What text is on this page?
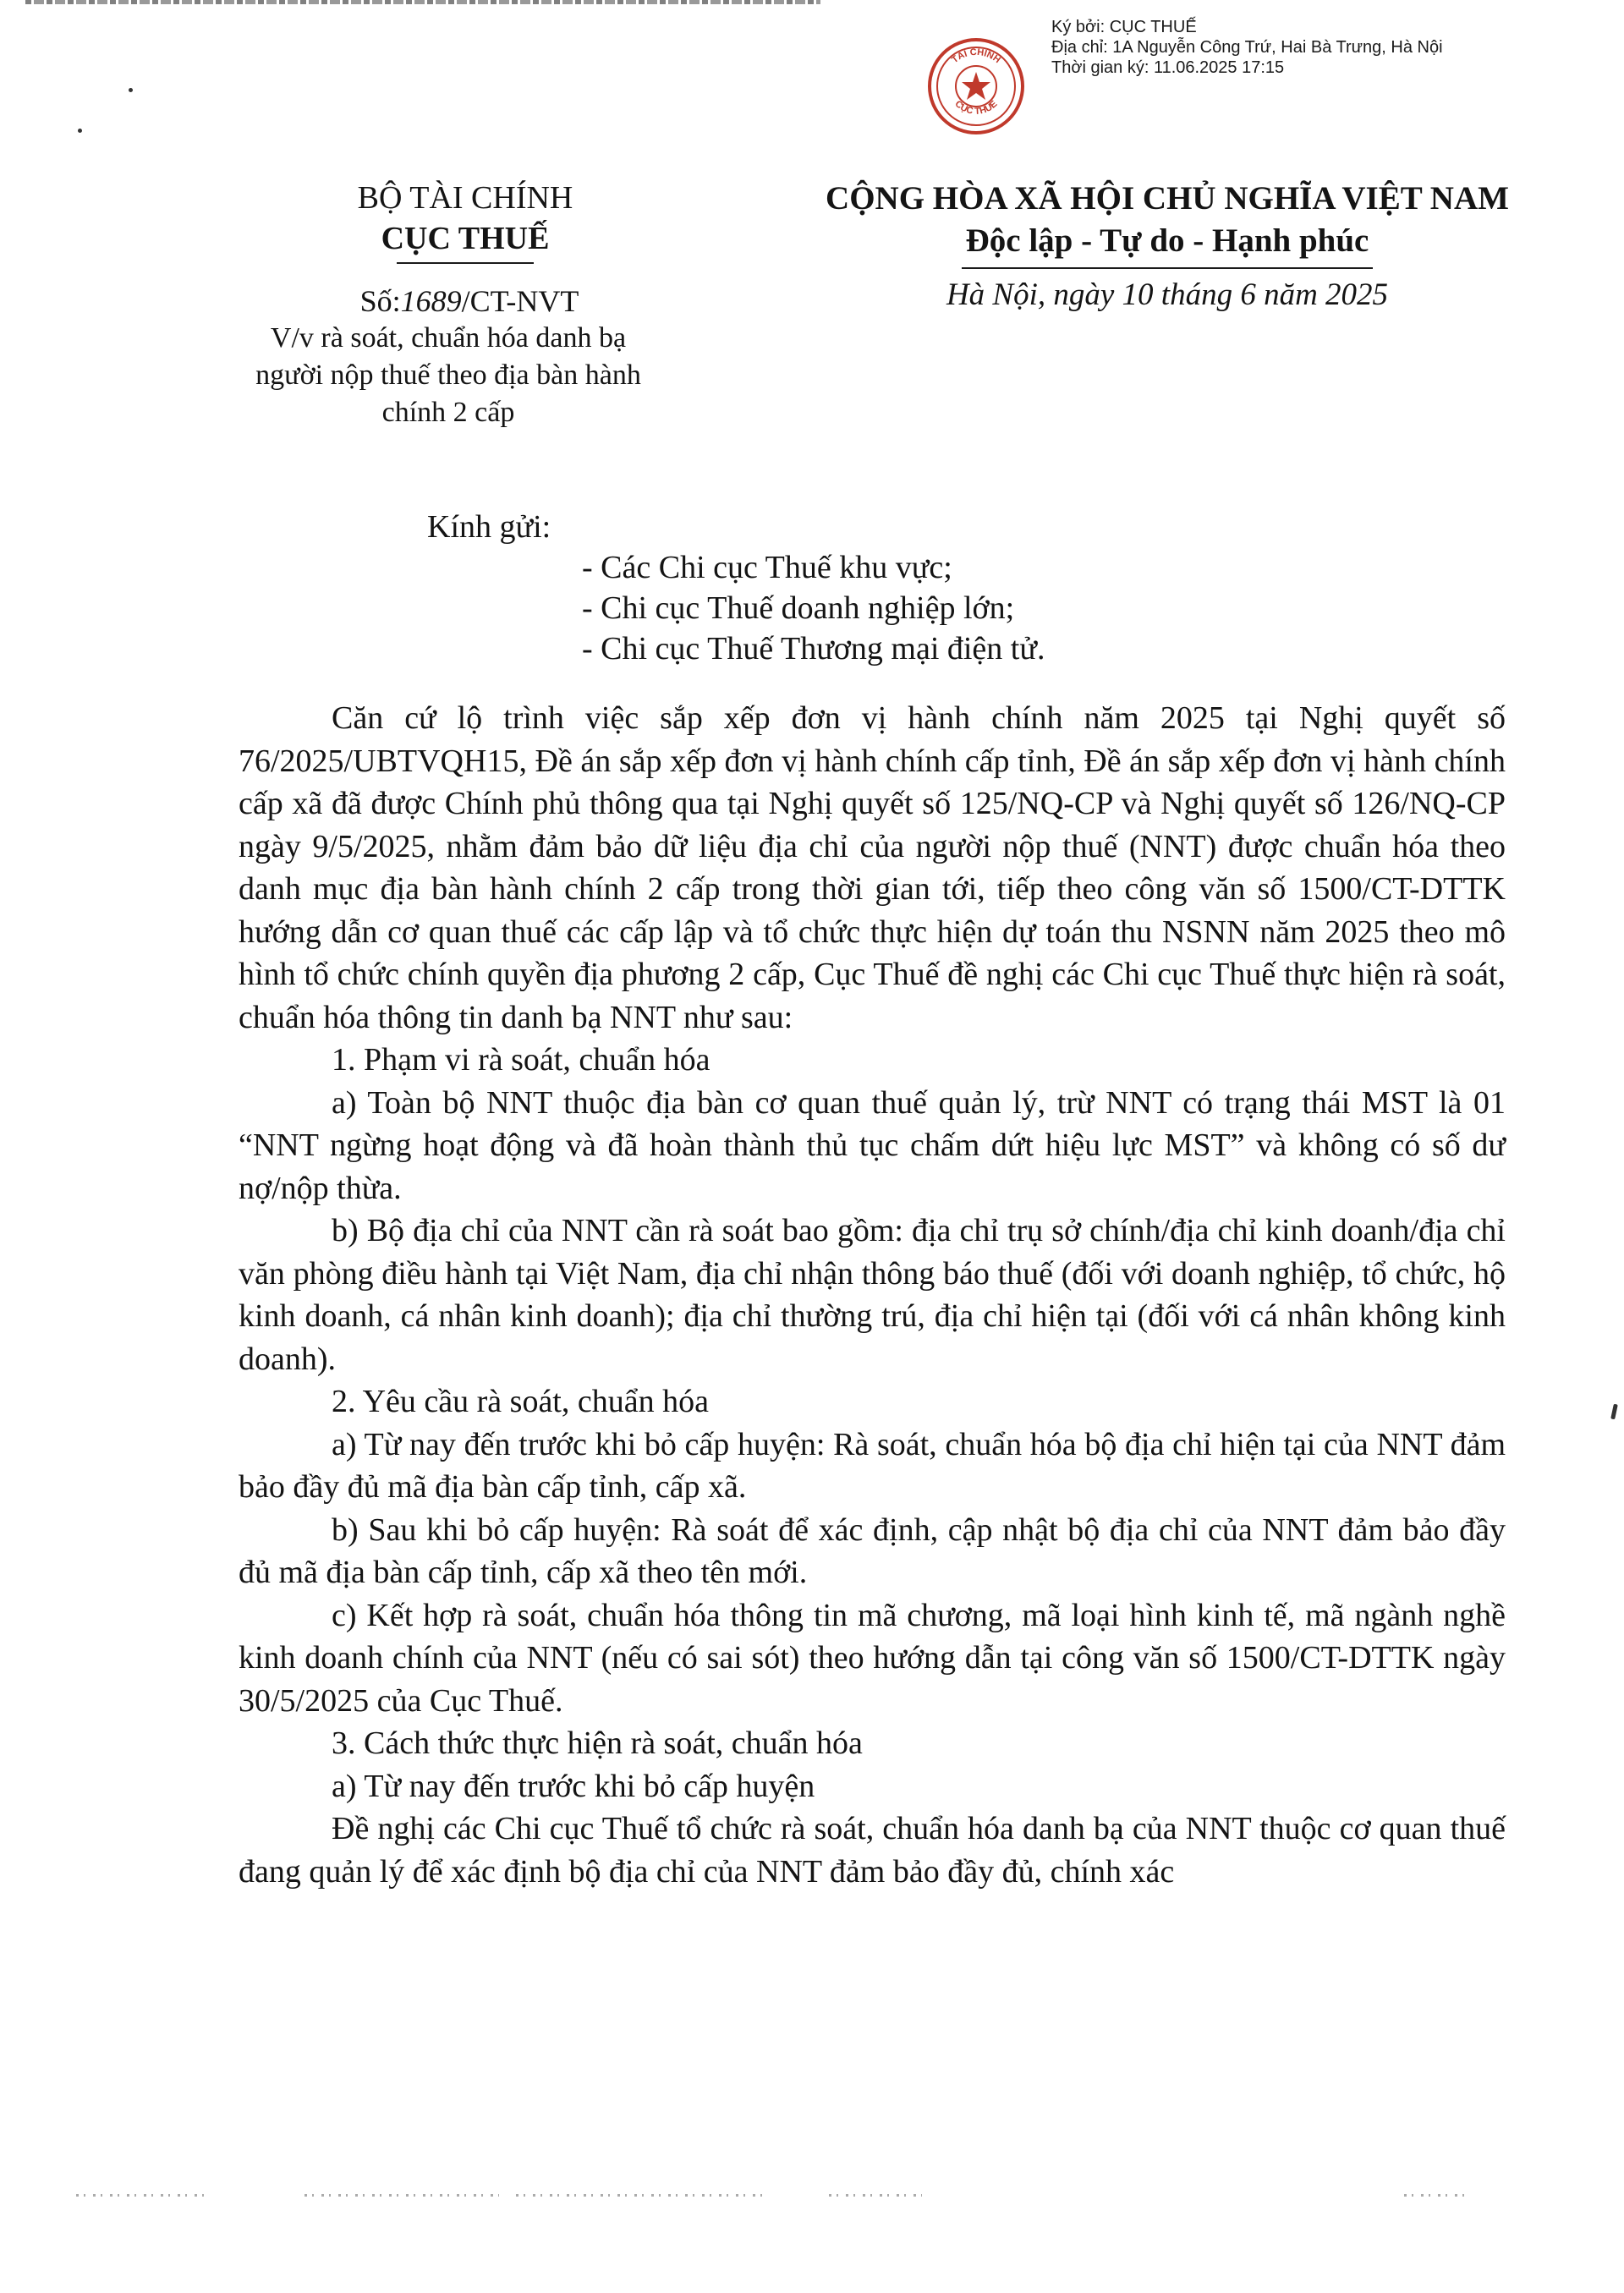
TÀI CHÍNH
CỤC THUẾ
Ký bởi: CỤC THUẾ
Địa chỉ: 1A Nguyễn Công Trứ, Hai Bà Trưng, Hà Nội
Thời gian ký: 11.06.2025 17:15
BỘ TÀI CHÍNH
CỤC THUẾ
Số:1689/CT-NVT
V/v rà soát, chuẩn hóa danh bạ người nộp thuế theo địa bàn hành chính 2 cấp
CỘNG HÒA XÃ HỘI CHỦ NGHĨA VIỆT NAM
Độc lập - Tự do - Hạnh phúc
Hà Nội, ngày 10 tháng 6 năm 2025
Kính gửi:
- Các Chi cục Thuế khu vực;
- Chi cục Thuế doanh nghiệp lớn;
- Chi cục Thuế Thương mại điện tử.

Căn cứ lộ trình việc sắp xếp đơn vị hành chính năm 2025 tại Nghị quyết số 76/2025/UBTVQH15, Đề án sắp xếp đơn vị hành chính cấp tỉnh, Đề án sắp xếp đơn vị hành chính cấp xã đã được Chính phủ thông qua tại Nghị quyết số 125/NQ-CP và Nghị quyết số 126/NQ-CP ngày 9/5/2025, nhằm đảm bảo dữ liệu địa chỉ của người nộp thuế (NNT) được chuẩn hóa theo danh mục địa bàn hành chính 2 cấp trong thời gian tới, tiếp theo công văn số 1500/CT-DTTK hướng dẫn cơ quan thuế các cấp lập và tổ chức thực hiện dự toán thu NSNN năm 2025 theo mô hình tổ chức chính quyền địa phương 2 cấp, Cục Thuế đề nghị các Chi cục Thuế thực hiện rà soát, chuẩn hóa thông tin danh bạ NNT như sau:

1. Phạm vi rà soát, chuẩn hóa

a) Toàn bộ NNT thuộc địa bàn cơ quan thuế quản lý, trừ NNT có trạng thái MST là 01 “NNT ngừng hoạt động và đã hoàn thành thủ tục chấm dứt hiệu lực MST” và không có số dư nợ/nộp thừa.

b) Bộ địa chỉ của NNT cần rà soát bao gồm: địa chỉ trụ sở chính/địa chỉ kinh doanh/địa chỉ văn phòng điều hành tại Việt Nam, địa chỉ nhận thông báo thuế (đối với doanh nghiệp, tổ chức, hộ kinh doanh, cá nhân kinh doanh); địa chỉ thường trú, địa chỉ hiện tại (đối với cá nhân không kinh doanh).

2. Yêu cầu rà soát, chuẩn hóa

a) Từ nay đến trước khi bỏ cấp huyện: Rà soát, chuẩn hóa bộ địa chỉ hiện tại của NNT đảm bảo đầy đủ mã địa bàn cấp tỉnh, cấp xã.

b) Sau khi bỏ cấp huyện: Rà soát để xác định, cập nhật bộ địa chỉ của NNT đảm bảo đầy đủ mã địa bàn cấp tỉnh, cấp xã theo tên mới.

c) Kết hợp rà soát, chuẩn hóa thông tin mã chương, mã loại hình kinh tế, mã ngành nghề kinh doanh chính của NNT (nếu có sai sót) theo hướng dẫn tại công văn số 1500/CT-DTTK ngày 30/5/2025 của Cục Thuế.

3. Cách thức thực hiện rà soát, chuẩn hóa

a) Từ nay đến trước khi bỏ cấp huyện

Đề nghị các Chi cục Thuế tổ chức rà soát, chuẩn hóa danh bạ của NNT thuộc cơ quan thuế đang quản lý để xác định bộ địa chỉ của NNT đảm bảo đầy đủ, chính xác
